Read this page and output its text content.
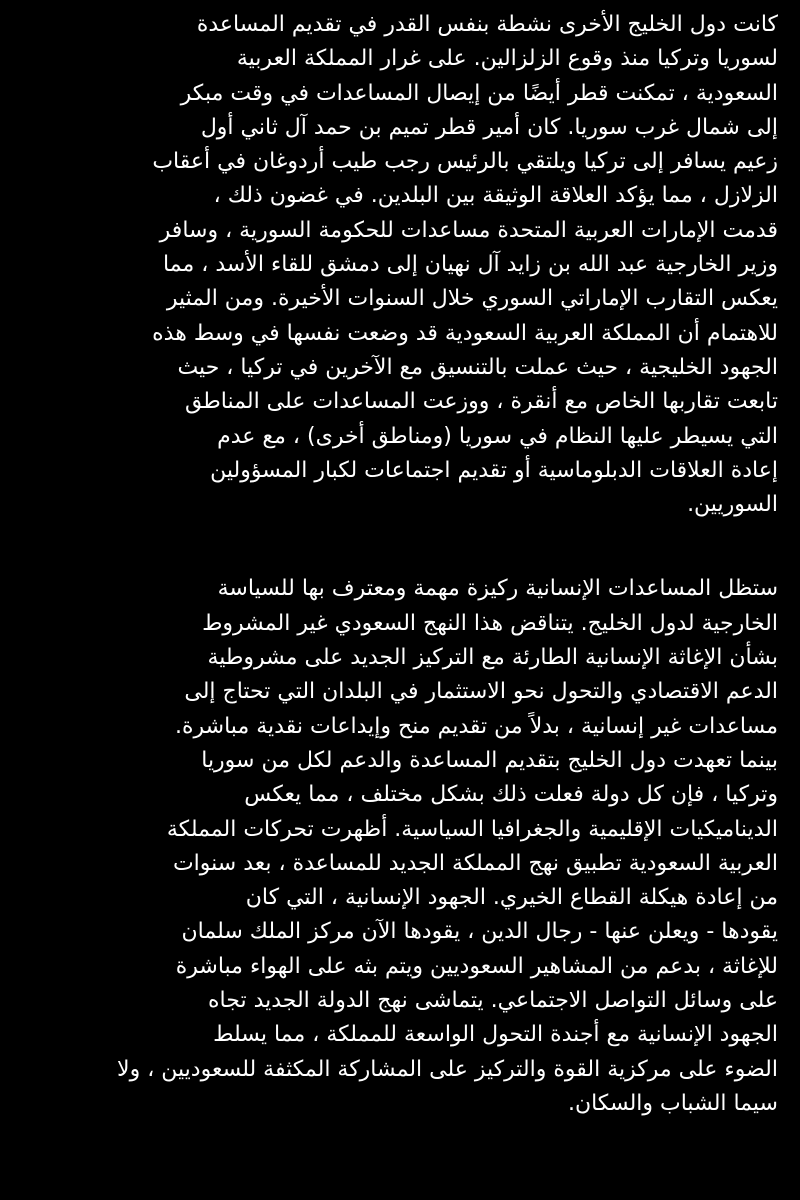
كانت دول الخليج الأخرى نشطة بنفس القدر في تقديم المساعدة
لسوريا وتركيا منذ وقوع الزلزالين. على غرار المملكة العربية
السعودية ، تمكنت قطر أيضًا من إيصال المساعدات في وقت مبكر
إلى شمال غرب سوريا. كان أمير قطر تميم بن حمد آل ثاني أول
زعيم يسافر إلى تركيا ويلتقي بالرئيس رجب طيب أردوغان في أعقاب
الزلازل ، مما يؤكد العلاقة الوثيقة بين البلدين. في غضون ذلك ،
قدمت الإمارات العربية المتحدة مساعدات للحكومة السورية ، وسافر
وزير الخارجية عبد الله بن زايد آل نهيان إلى دمشق للقاء الأسد ، مما
يعكس التقارب الإماراتي السوري خلال السنوات الأخيرة. ومن المثير
للاهتمام أن المملكة العربية السعودية قد وضعت نفسها في وسط هذه
الجهود الخليجية ، حيث عملت بالتنسيق مع الآخرين في تركيا ، حيث
تابعت تقاربها الخاص مع أنقرة ، ووزعت المساعدات على المناطق
التي يسيطر عليها النظام في سوريا (ومناطق أخرى) ، مع عدم
إعادة العلاقات الدبلوماسية أو تقديم اجتماعات لكبار المسؤولين
السوريين.

ستظل المساعدات الإنسانية ركيزة مهمة ومعترف بها للسياسة
الخارجية لدول الخليج. يتناقض هذا النهج السعودي غير المشروط
بشأن الإغاثة الإنسانية الطارئة مع التركيز الجديد على مشروطية
الدعم الاقتصادي والتحول نحو الاستثمار في البلدان التي تحتاج إلى
مساعدات غير إنسانية ، بدلاً من تقديم منح وإيداعات نقدية مباشرة.
بينما تعهدت دول الخليج بتقديم المساعدة والدعم لكل من سوريا
وتركيا ، فإن كل دولة فعلت ذلك بشكل مختلف ، مما يعكس
الديناميكيات الإقليمية والجغرافيا السياسية. أظهرت تحركات المملكة
العربية السعودية تطبيق نهج المملكة الجديد للمساعدة ، بعد سنوات
من إعادة هيكلة القطاع الخيري. الجهود الإنسانية ، التي كان
يقودها - ويعلن عنها - رجال الدين ، يقودها الآن مركز الملك سلمان
للإغاثة ، بدعم من المشاهير السعوديين ويتم بثه على الهواء مباشرة
على وسائل التواصل الاجتماعي. يتماشى نهج الدولة الجديد تجاه
الجهود الإنسانية مع أجندة التحول الواسعة للمملكة ، مما يسلط
الضوء على مركزية القوة والتركيز على المشاركة المكثفة للسعوديين ، ولا
سيما الشباب والسكان.
